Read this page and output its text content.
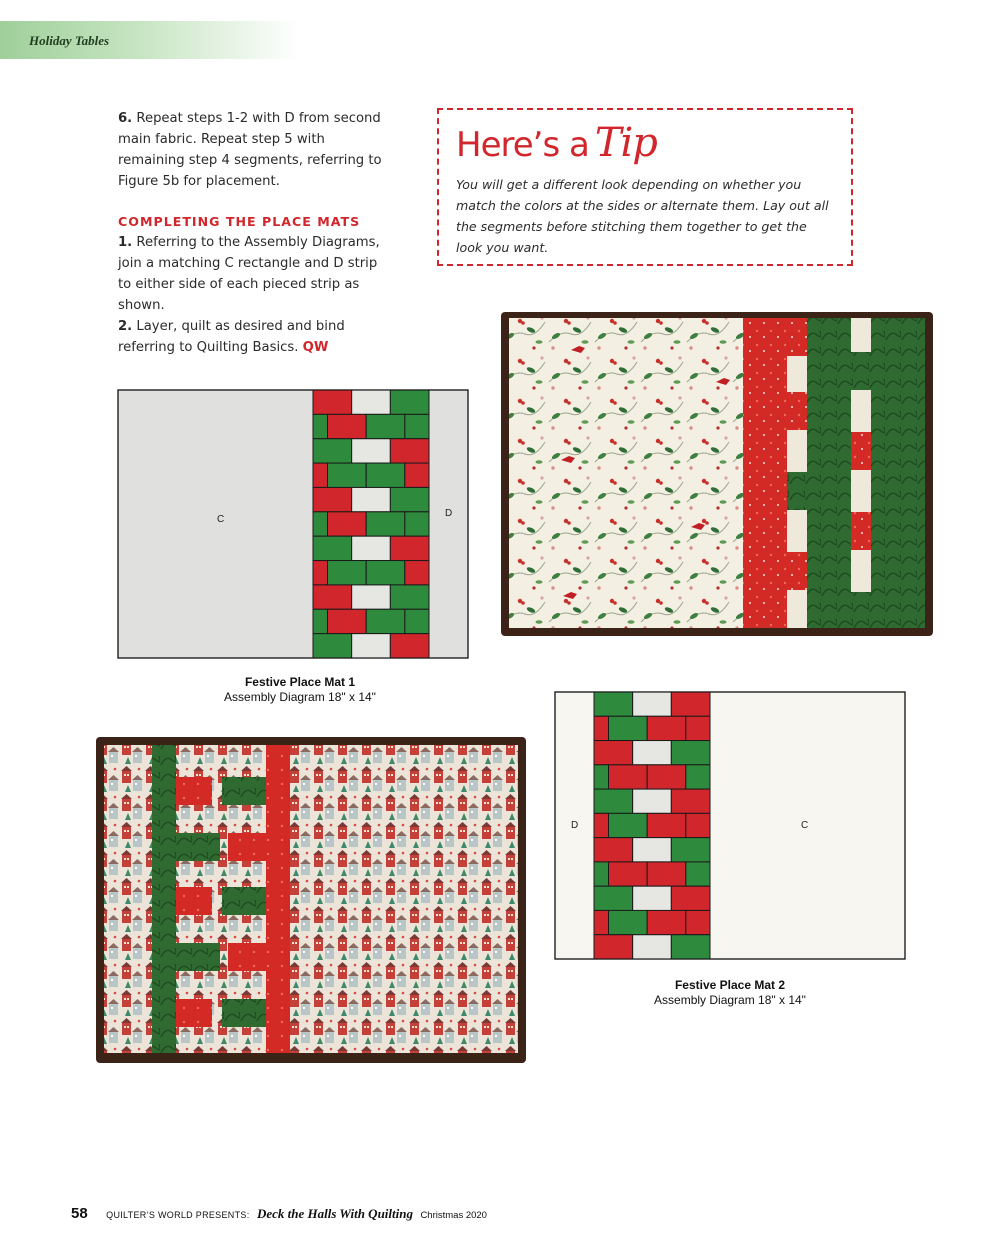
Holiday Tables

6. Repeat steps 1-2 with D from second main fabric. Repeat step 5 with remaining step 4 segments, referring to Figure 5b for placement.

COMPLETING THE PLACE MATS

1. Referring to the Assembly Diagrams, join a matching C rectangle and D strip to either side of each pieced strip as shown.

2. Layer, quilt as desired and bind referring to Quilting Basics. QW

Here’s a Tip

You will get a different look depending on whether you match the colors at the sides or alternate them. Lay out all the segments before stitching them together to get the look you want.

C
D
Festive Place Mat 1
Assembly Diagram 18" x 14"
D	C
Festive Place Mat 2
Assembly Diagram 18" x 14"
58 QUILTER’S WORLD PRESENTS: Deck the Halls With Quilting Christmas 2020
